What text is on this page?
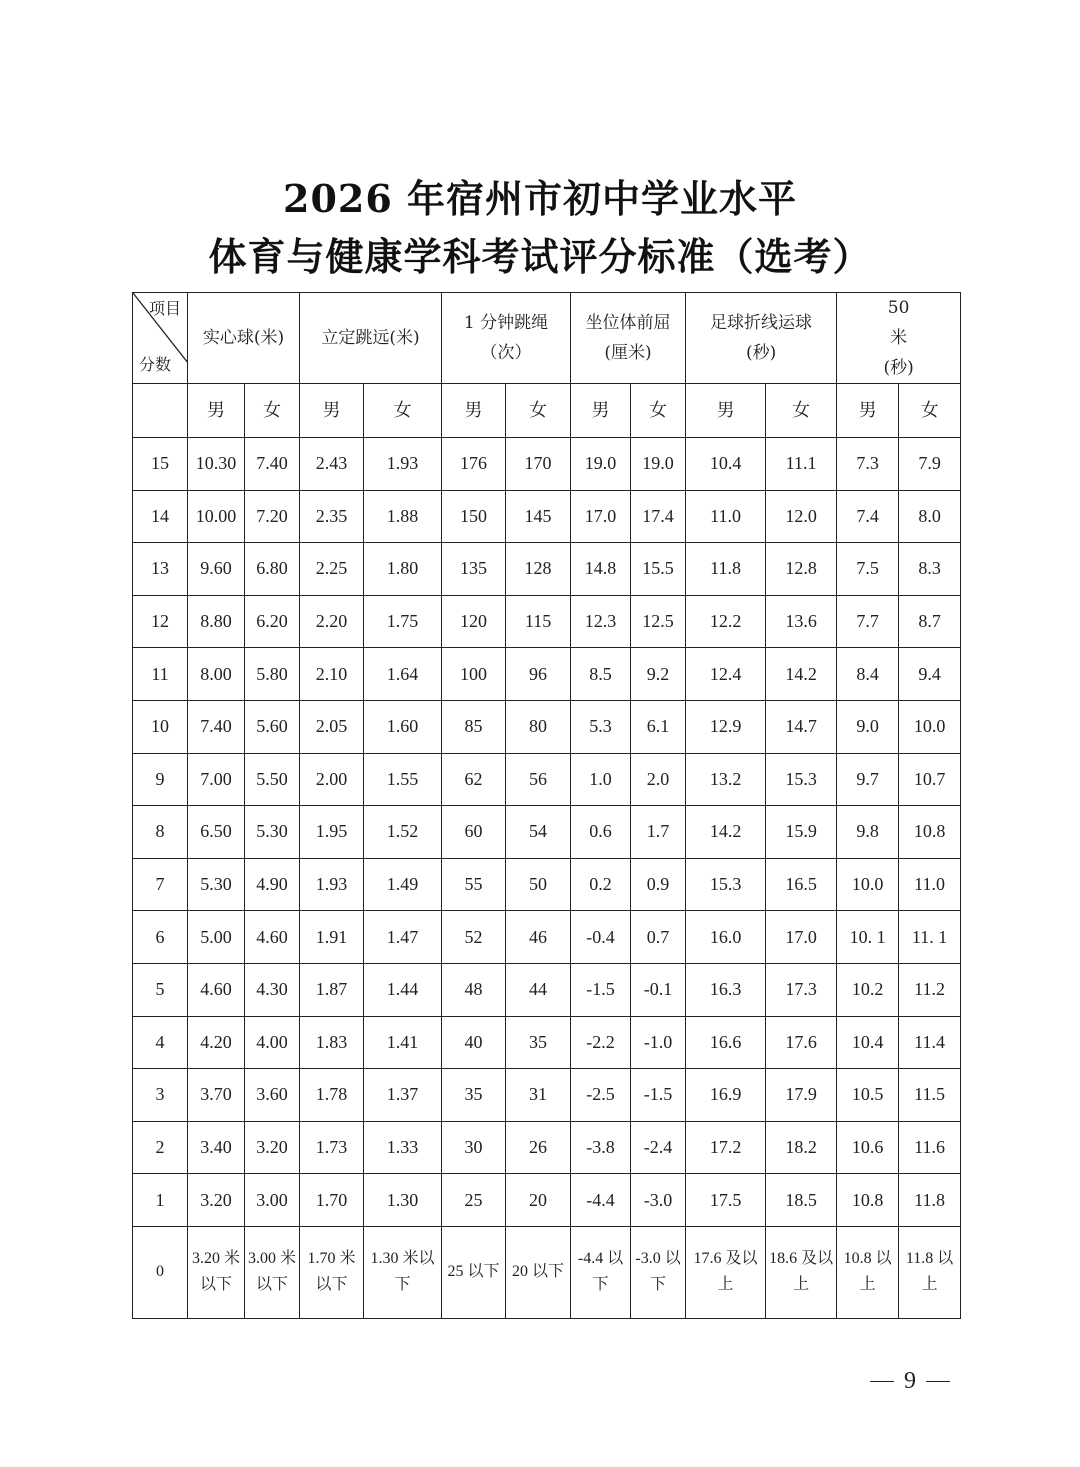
2026 年宿州市初中学业水平
体育与健康学科考试评分标准（选考）
项目
分数	实心球(米)		立定跳远(米)		1 分钟跳绳（次）		坐位体前屈(厘米)		足球折线运球(秒)		50 米(秒)	
	男	女	男	女	男	女	男	女	男	女	男	女
15	10.30	7.40	2.43	1.93	176	170	19.0	19.0	10.4	11.1	7.3	7.9
14	10.00	7.20	2.35	1.88	150	145	17.0	17.4	11.0	12.0	7.4	8.0
13	9.60	6.80	2.25	1.80	135	128	14.8	15.5	11.8	12.8	7.5	8.3
12	8.80	6.20	2.20	1.75	120	115	12.3	12.5	12.2	13.6	7.7	8.7
11	8.00	5.80	2.10	1.64	100	96	8.5	9.2	12.4	14.2	8.4	9.4
10	7.40	5.60	2.05	1.60	85	80	5.3	6.1	12.9	14.7	9.0	10.0
9	7.00	5.50	2.00	1.55	62	56	1.0	2.0	13.2	15.3	9.7	10.7
8	6.50	5.30	1.95	1.52	60	54	0.6	1.7	14.2	15.9	9.8	10.8
7	5.30	4.90	1.93	1.49	55	50	0.2	0.9	15.3	16.5	10.0	11.0
6	5.00	4.60	1.91	1.47	52	46	-0.4	0.7	16.0	17.0	10. 1	11. 1
5	4.60	4.30	1.87	1.44	48	44	-1.5	-0.1	16.3	17.3	10.2	11.2
4	4.20	4.00	1.83	1.41	40	35	-2.2	-1.0	16.6	17.6	10.4	11.4
3	3.70	3.60	1.78	1.37	35	31	-2.5	-1.5	16.9	17.9	10.5	11.5
2	3.40	3.20	1.73	1.33	30	26	-3.8	-2.4	17.2	18.2	10.6	11.6
1	3.20	3.00	1.70	1.30	25	20	-4.4	-3.0	17.5	18.5	10.8	11.8
0	3.20 米以下	3.00 米以下	1.70 米以下	1.30 米以下	25 以下	20 以下	-4.4 以下	-3.0 以下	17.6 及以上	18.6 及以上	10.8 以上	11.8 以上
9
